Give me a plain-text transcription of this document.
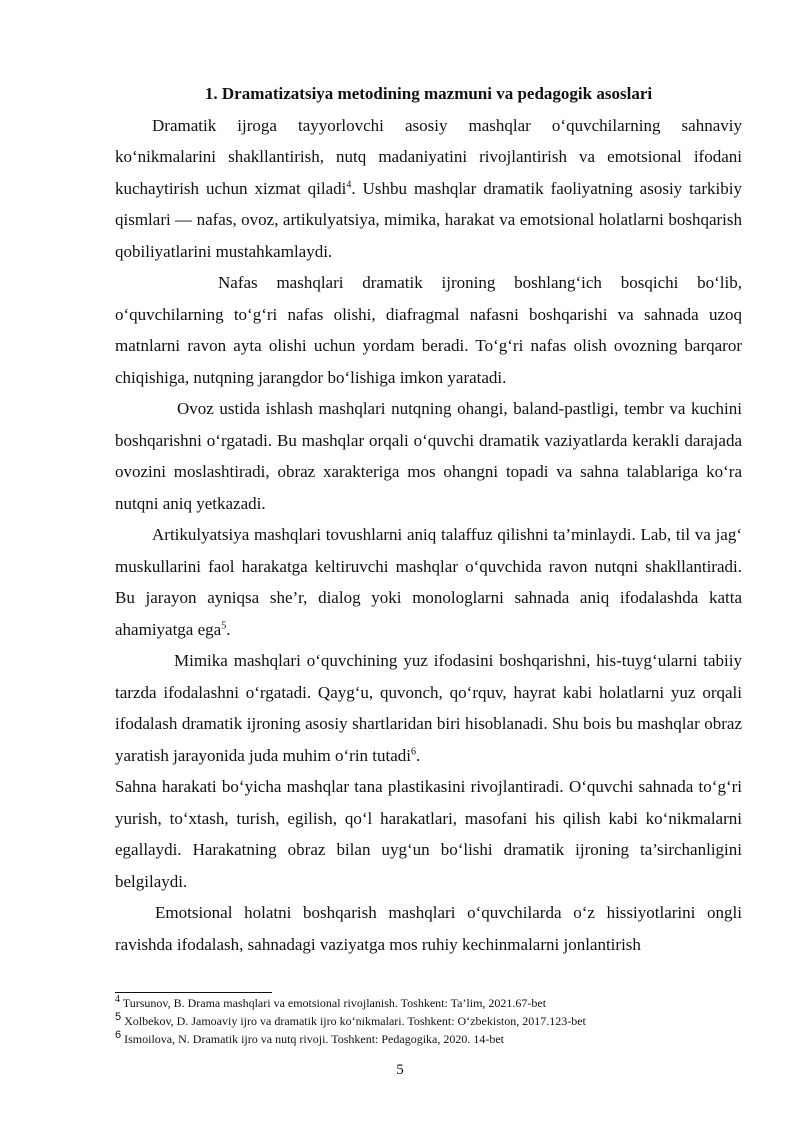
1. Dramatizatsiya metodining mazmuni va pedagogik asoslari

Dramatik ijroga tayyorlovchi asosiy mashqlar o‘quvchilarning sahnaviy ko‘nikmalarini shakllantirish, nutq madaniyatini rivojlantirish va emotsional ifodani kuchaytirish uchun xizmat qiladi$^4$. Ushbu mashqlar dramatik faoliyatning asosiy tarkibiy qismlari — nafas, ovoz, artikulyatsiya, mimika, harakat va emotsional holatlarni boshqarish qobiliyatlarini mustahkamlaydi.

Nafas mashqlari dramatik ijroning boshlang‘ich bosqichi bo‘lib, o‘quvchilarning to‘g‘ri nafas olishi, diafragmal nafasni boshqarishi va sahnada uzoq matnlarni ravon ayta olishi uchun yordam beradi. To‘g‘ri nafas olish ovozning barqaror chiqishiga, nutqning jarangdor bo‘lishiga imkon yaratadi.

Ovoz ustida ishlash mashqlari nutqning ohangi, baland-pastligi, tembr va kuchini boshqarishni o‘rgatadi. Bu mashqlar orqali o‘quvchi dramatik vaziyatlarda kerakli darajada ovozini moslashtiradi, obraz xarakteriga mos ohangni topadi va sahna talablariga ko‘ra nutqni aniq yetkazadi.

Artikulyatsiya mashqlari tovushlarni aniq talaffuz qilishni ta’minlaydi. Lab, til va jag‘ muskullarini faol harakatga keltiruvchi mashqlar o‘quvchida ravon nutqni shakllantiradi. Bu jarayon ayniqsa she’r, dialog yoki monologlarni sahnada aniq ifodalashda katta ahamiyatga ega$^5$.

Mimika mashqlari o‘quvchining yuz ifodasini boshqarishni, his-tuyg‘ularni tabiiy tarzda ifodalashni o‘rgatadi. Qayg‘u, quvonch, qo‘rquv, hayrat kabi holatlarni yuz orqali ifodalash dramatik ijroning asosiy shartlaridan biri hisoblanadi. Shu bois bu mashqlar obraz yaratish jarayonida juda muhim o‘rin tutadi$^6$.

Sahna harakati bo‘yicha mashqlar tana plastikasini rivojlantiradi. O‘quvchi sahnada to‘g‘ri yurish, to‘xtash, turish, egilish, qo‘l harakatlari, masofani his qilish kabi ko‘nikmalarni egallaydi. Harakatning obraz bilan uyg‘un bo‘lishi dramatik ijroning ta’sirchanligini belgilaydi.

Emotsional holatni boshqarish mashqlari o‘quvchilarda o‘z hissiyotlarini ongli ravishda ifodalash, sahnadagi vaziyatga mos ruhiy kechinmalarni jonlantirish

$^4$ Tursunov, B. Drama mashqlari va emotsional rivojlanish. Toshkent: Ta’lim, 2021.67-bet

5 Xolbekov, D. Jamoaviy ijro va dramatik ijro ko‘nikmalari. Toshkent: O‘zbekiston, 2017.123-bet

6 Ismoilova, N. Dramatik ijro va nutq rivoji. Toshkent: Pedagogika, 2020. 14-bet

5
